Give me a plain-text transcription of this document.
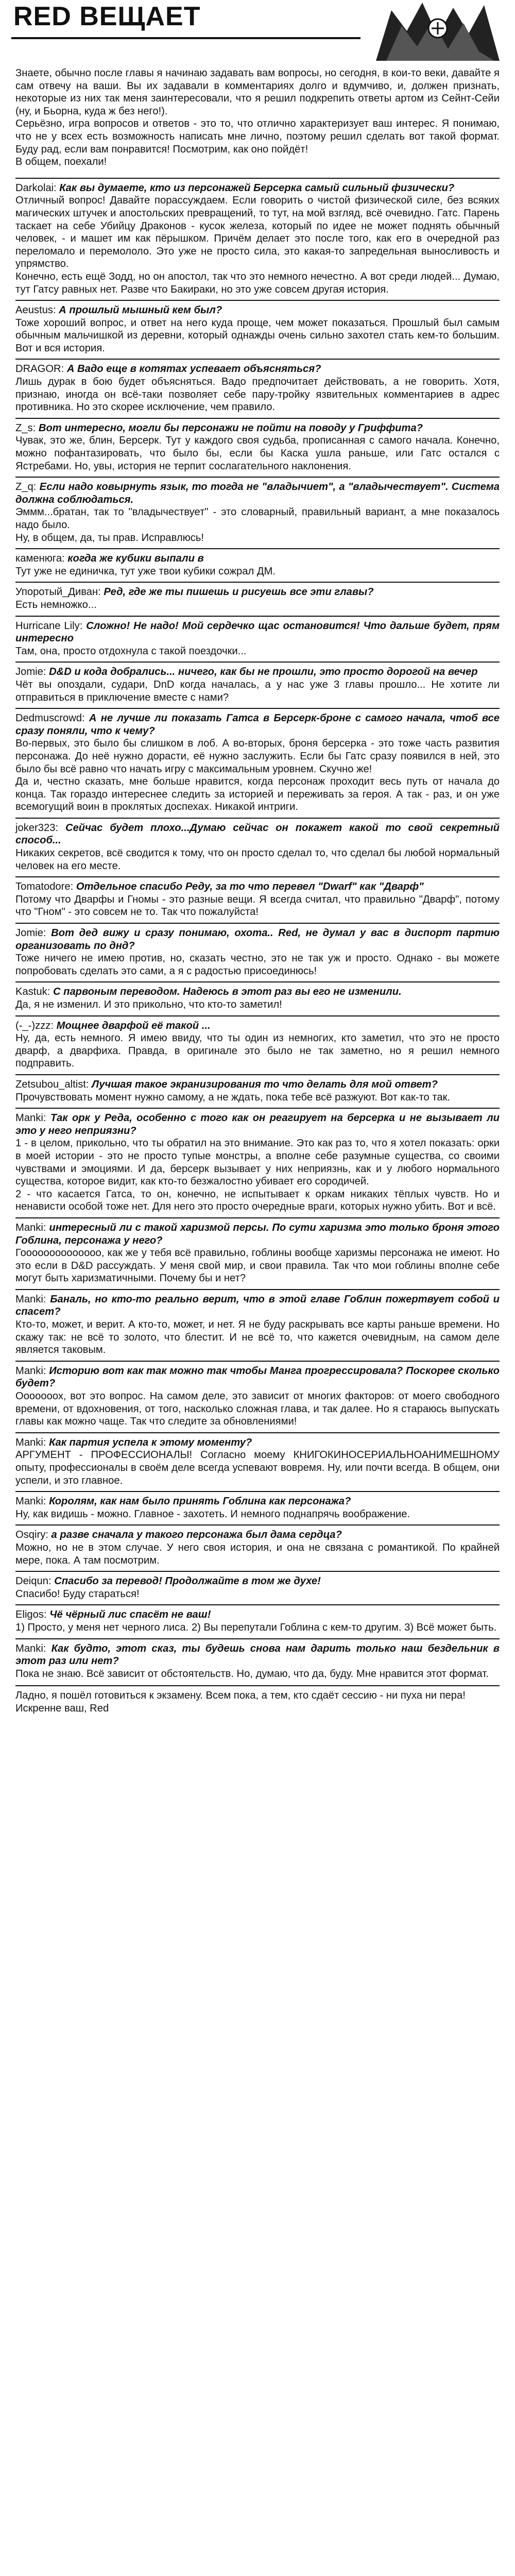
RED ВЕЩАЕТ

Знаете, обычно после главы я начинаю задавать вам вопросы, но сегодня, в кои-то веки, давайте я сам отвечу на ваши. Вы их задавали в комментариях долго и вдумчиво, и, должен признать, некоторые из них так меня заинтересовали, что я решил подкрепить ответы артом из Сейнт-Сейи (ну, и Бьорна, куда ж без него!).

Серьёзно, игра вопросов и ответов - это то, что отлично характеризует ваш интерес. Я понимаю, что не у всех есть возможность написать мне лично, поэтому решил сделать вот такой формат. Буду рад, если вам понравится! Посмотрим, как оно пойдёт!

В общем, поехали!

Darkolai: Как вы думаете, кто из персонажей Берсерка самый сильный физически?

Отличный вопрос! Давайте порассуждаем. Если говорить о чистой физической силе, без всяких магических штучек и апостольских превращений, то тут, на мой взгляд, всё очевидно. Гатс. Парень таскает на себе Убийцу Драконов - кусок железа, который по идее не может поднять обычный человек, - и машет им как пёрышком. Причём делает это после того, как его в очередной раз переломало и перемололо. Это уже не просто сила, это какая-то запредельная выносливость и упрямство.

Конечно, есть ещё Зодд, но он апостол, так что это немного нечестно. А вот среди людей... Думаю, тут Гатсу равных нет. Разве что Бакираки, но это уже совсем другая история.

Aeustus: А прошлый мышный кем был?

Тоже хороший вопрос, и ответ на него куда проще, чем может показаться. Прошлый был самым обычным мальчишкой из деревни, который однажды очень сильно захотел стать кем-то большим. Вот и вся история.

DRAGOR: А Вадо еще в котятах успевает объясняться?

Лишь дурак в бою будет объясняться. Вадо предпочитает действовать, а не говорить. Хотя, признаю, иногда он всё-таки позволяет себе пару-тройку язвительных комментариев в адрес противника. Но это скорее исключение, чем правило.

Z_s: Вот интересно, могли бы персонажи не пойти на поводу у Гриффита?

Чувак, это же, блин, Берсерк. Тут у каждого своя судьба, прописанная с самого начала. Конечно, можно пофантазировать, что было бы, если бы Каска ушла раньше, или Гатс остался с Ястребами. Но, увы, история не терпит сослагательного наклонения.

Z_q: Если надо ковырнуть язык, то тогда не "владычиет", а "владычествует". Система должна соблюдаться.

Эммм...братан, так то "владычествует" - это словарный, правильный вариант, а мне показалось надо было.

Ну, в общем, да, ты прав. Исправлюсь!

каменюга: когда же кубики выпали в

Тут уже не единичка, тут уже твои кубики сожрал ДМ.

Упоротый_Диван: Ред, где же ты пишешь и рисуешь все эти главы?

Есть немножко...

Hurricane Lily: Сложно! Не надо! Мой сердечко щас остановится! Что дальше будет, прям интересно

Там, она, просто отдохнула с такой поездочки...

Jomie: D&D и кода добрались... ничего, как бы не прошли, это просто дорогой на вечер

Чёт вы опоздали, судари, DnD когда началась, а у нас уже 3 главы прошло... Не хотите ли отправиться в приключение вместе с нами?

Dedmuscrowd: А не лучше ли показать Гатса в Берсерк-броне с самого начала, чтоб все сразу поняли, что к чему?

Во-первых, это было бы слишком в лоб. А во-вторых, броня берсерка - это тоже часть развития персонажа. До неё нужно дорасти, её нужно заслужить. Если бы Гатс сразу появился в ней, это было бы всё равно что начать игру с максимальным уровнем. Скучно же!

Да и, честно сказать, мне больше нравится, когда персонаж проходит весь путь от начала до конца. Так гораздо интереснее следить за историей и переживать за героя. А так - раз, и он уже всемогущий воин в проклятых доспехах. Никакой интриги.

joker323: Сейчас будет плохо...Думаю сейчас он покажет какой то свой секретный способ...

Никаких секретов, всё сводится к тому, что он просто сделал то, что сделал бы любой нормальный человек на его месте.

Tomatodore: Отдельное спасибо Реду, за то что перевел "Dwarf" как "Дварф"

Потому что Дварфы и Гномы - это разные вещи. Я всегда считал, что правильно "Дварф", потому что "Гном" - это совсем не то. Так что пожалуйста!

Jomie: Вот дед вижу и сразу понимаю, охота.. Red, не думал у вас в диспорт партию организовать по днд?

Тоже ничего не имею против, но, сказать честно, это не так уж и просто. Однако - вы можете попробовать сделать это сами, а я с радостью присоединюсь!

Kastuk: С парвоным переводом. Надеюсь в этот раз вы его не изменили.

Да, я не изменил. И это прикольно, что кто-то заметил!

(-_-)zzz: Мощнее дварфой её такой ...

Ну, да, есть немного. Я имею ввиду, что ты один из немногих, кто заметил, что это не просто дварф, а дварфиха. Правда, в оригинале это было не так заметно, но я решил немного подправить.

Zetsubou_altist: Лучшая такое экранизирования то что делать для мой ответ?

Прочувствовать момент нужно самому, а не ждать, пока тебе всё разжуют. Вот как-то так.

Manki: Так орк у Реда, особенно с того как он реагирует на берсерка и не вызывает ли это у него неприязни?

1 - в целом, прикольно, что ты обратил на это внимание. Это как раз то, что я хотел показать: орки в моей истории - это не просто тупые монстры, а вполне себе разумные существа, со своими чувствами и эмоциями. И да, берсерк вызывает у них неприязнь, как и у любого нормального существа, которое видит, как кто-то безжалостно убивает его сородичей.

2 - что касается Гатса, то он, конечно, не испытывает к оркам никаких тёплых чувств. Но и ненависти особой тоже нет. Для него это просто очередные враги, которых нужно убить. Вот и всё.

Manki: интересный ли с такой харизмой персы. По сути харизма это только броня этого Гоблина, персонажа у него?

Гоооооооооооооо, как же у тебя всё правильно, гоблины вообще харизмы персонажа не имеют. Но это если в D&D рассуждать. У меня свой мир, и свои правила. Так что мои гоблины вполне себе могут быть харизматичными. Почему бы и нет?

Manki: Баналь, но кто-то реально верит, что в этой главе Гоблин пожертвует собой и спасет?

Кто-то, может, и верит. А кто-то, может, и нет. Я не буду раскрывать все карты раньше времени. Но скажу так: не всё то золото, что блестит. И не всё то, что кажется очевидным, на самом деле является таковым.

Manki: Историю вот как так можно так чтобы Манга прогрессировала? Поскорее сколько будет?

Ооооооох, вот это вопрос. На самом деле, это зависит от многих факторов: от моего свободного времени, от вдохновения, от того, насколько сложная глава, и так далее. Но я стараюсь выпускать главы как можно чаще. Так что следите за обновлениями!

Manki: Как партия успела к этому моменту?

АРГУМЕНТ - ПРОФЕССИОНАЛЫ! Согласно моему КНИГОКИНОСЕРИАЛЬНОАНИМЕШНОМУ опыту, профессионалы в своём деле всегда успевают вовремя. Ну, или почти всегда. В общем, они успели, и это главное.

Manki: Королям, как нам было принять Гоблина как персонажа?

Ну, как видишь - можно. Главное - захотеть. И немного поднапрячь воображение.

Osqiry: а разве сначала у такого персонажа был дама сердца?

Можно, но не в этом случае. У него своя история, и она не связана с романтикой. По крайней мере, пока. А там посмотрим.

Deiqun: Спасибо за перевод! Продолжайте в том же духе!

Спасибо! Буду стараться!

Eligos: Чё чёрный лис спасёт не ваш!

1) Просто, у меня нет черного лиса. 2) Вы перепутали Гоблина с кем-то другим. 3) Всё может быть.

Manki: Как будто, этот сказ, ты будешь снова нам дарить только наш бездельник в этот раз или нет?

Пока не знаю. Всё зависит от обстоятельств. Но, думаю, что да, буду. Мне нравится этот формат.

Ладно, я пошёл готовиться к экзамену. Всем пока, а тем, кто сдаёт сессию - ни пуха ни пера!

Искренне ваш, Red
